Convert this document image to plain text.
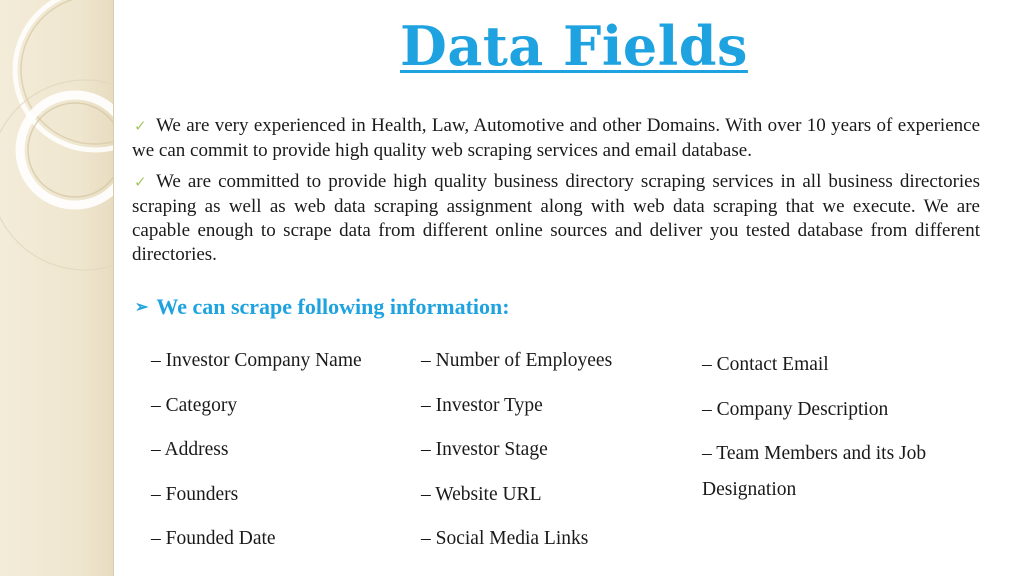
Data Fields
✓ We are very experienced in Health, Law, Automotive and other Domains. With over 10 years of experience we can commit to provide high quality web scraping services and email database.
✓ We are committed to provide high quality business directory scraping services in all business directories scraping as well as web data scraping assignment along with web data scraping that we execute. We are capable enough to scrape data from different online sources and deliver you tested database from different directories.
➢ We can scrape following information:
– Investor Company Name
– Category
– Address
– Founders
– Founded Date
– Number of Employees
– Investor Type
– Investor Stage
– Website URL
– Social Media Links
– Contact Email
– Company Description
– Team Members and its Job Designation
